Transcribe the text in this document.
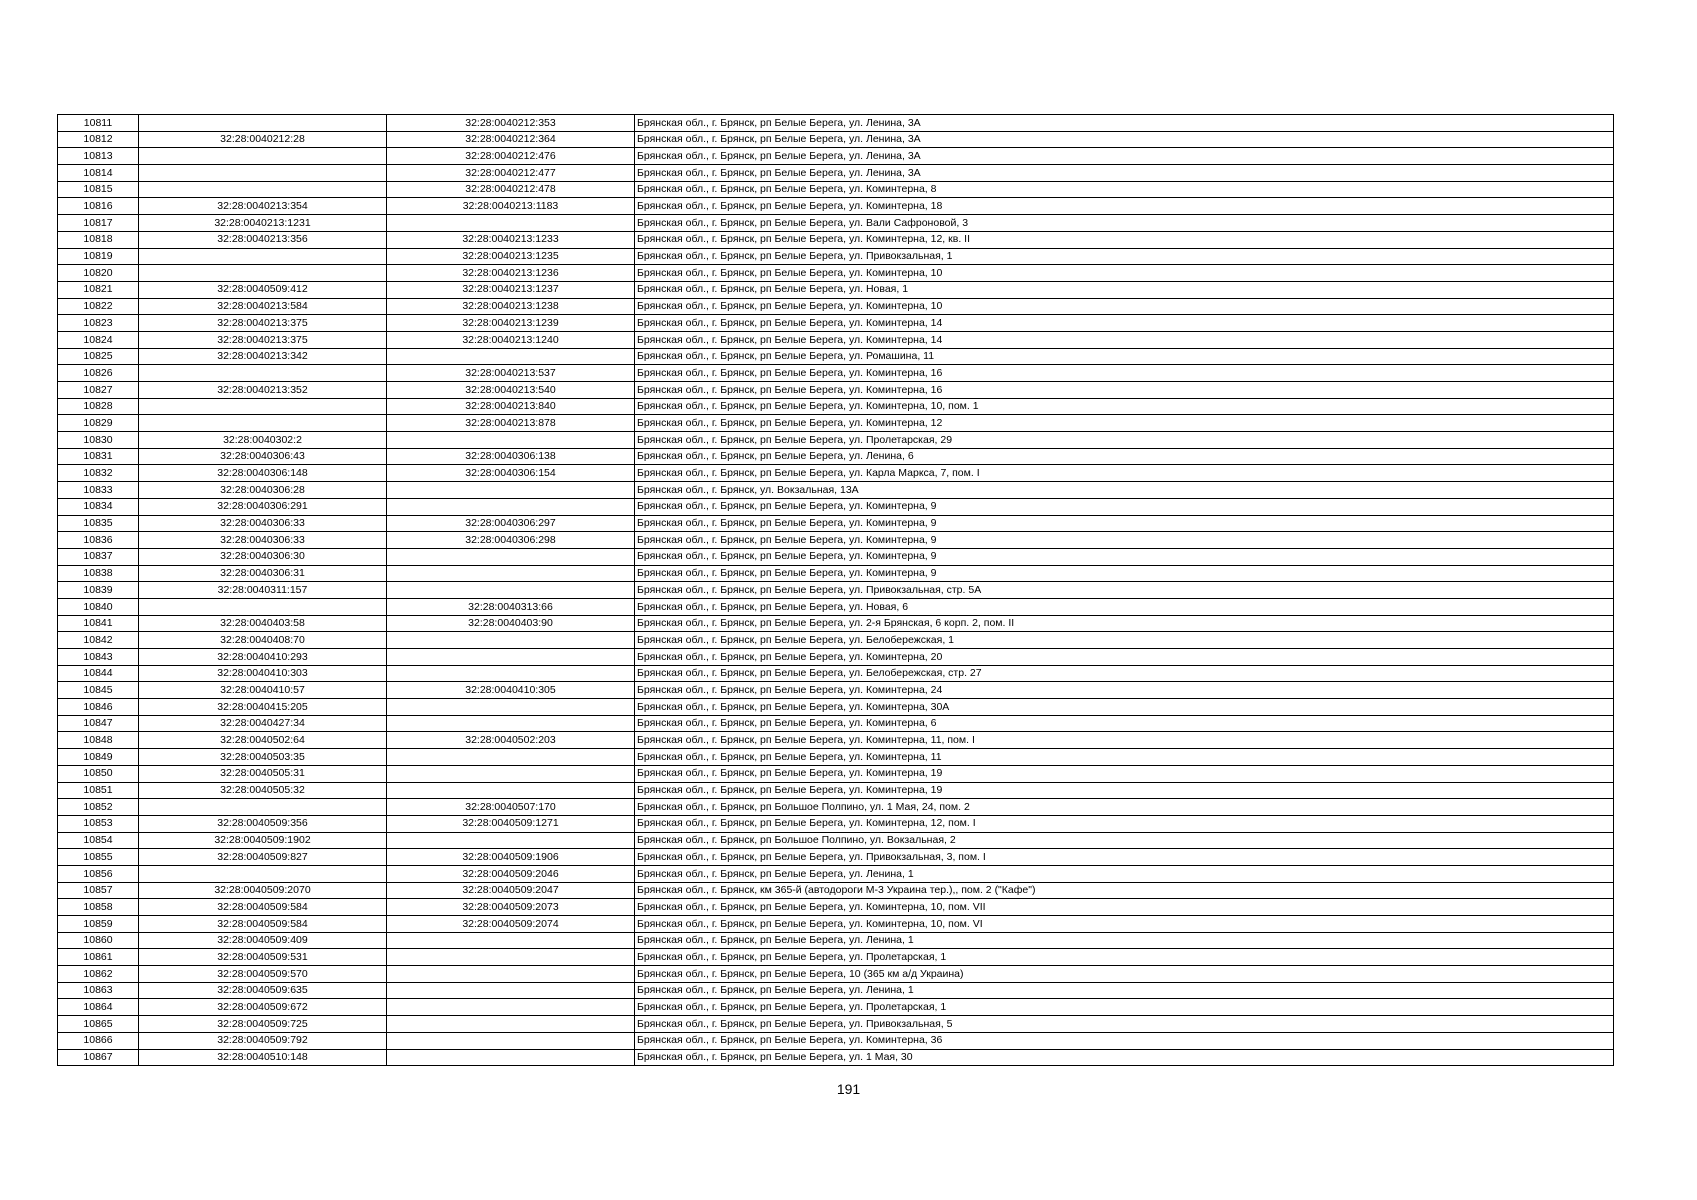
10811		32:28:0040212:353	Брянская обл., г. Брянск, рп Белые Берега, ул. Ленина, 3А
10812	32:28:0040212:28	32:28:0040212:364	Брянская обл., г. Брянск, рп Белые Берега, ул. Ленина, 3А
10813		32:28:0040212:476	Брянская обл., г. Брянск, рп Белые Берега, ул. Ленина, 3А
10814		32:28:0040212:477	Брянская обл., г. Брянск, рп Белые Берега, ул. Ленина, 3А
10815		32:28:0040212:478	Брянская обл., г. Брянск, рп Белые Берега, ул. Коминтерна, 8
10816	32:28:0040213:354	32:28:0040213:1183	Брянская обл., г. Брянск, рп Белые Берега, ул. Коминтерна, 18
10817	32:28:0040213:1231		Брянская обл., г. Брянск, рп Белые Берега, ул. Вали Сафроновой, 3
10818	32:28:0040213:356	32:28:0040213:1233	Брянская обл., г. Брянск, рп Белые Берега, ул. Коминтерна, 12, кв. II
10819		32:28:0040213:1235	Брянская обл., г. Брянск, рп Белые Берега, ул. Привокзальная, 1
10820		32:28:0040213:1236	Брянская обл., г. Брянск, рп Белые Берега, ул. Коминтерна, 10
10821	32:28:0040509:412	32:28:0040213:1237	Брянская обл., г. Брянск, рп Белые Берега, ул. Новая, 1
10822	32:28:0040213:584	32:28:0040213:1238	Брянская обл., г. Брянск, рп Белые Берега, ул. Коминтерна, 10
10823	32:28:0040213:375	32:28:0040213:1239	Брянская обл., г. Брянск, рп Белые Берега, ул. Коминтерна, 14
10824	32:28:0040213:375	32:28:0040213:1240	Брянская обл., г. Брянск, рп Белые Берега, ул. Коминтерна, 14
10825	32:28:0040213:342		Брянская обл., г. Брянск, рп Белые Берега, ул. Ромашина, 11
10826		32:28:0040213:537	Брянская обл., г. Брянск, рп Белые Берега, ул. Коминтерна, 16
10827	32:28:0040213:352	32:28:0040213:540	Брянская обл., г. Брянск, рп Белые Берега, ул. Коминтерна, 16
10828		32:28:0040213:840	Брянская обл., г. Брянск, рп Белые Берега, ул. Коминтерна, 10, пом. 1
10829		32:28:0040213:878	Брянская обл., г. Брянск, рп Белые Берега, ул. Коминтерна, 12
10830	32:28:0040302:2		Брянская обл., г. Брянск, рп Белые Берега, ул. Пролетарская, 29
10831	32:28:0040306:43	32:28:0040306:138	Брянская обл., г. Брянск, рп Белые Берега, ул. Ленина, 6
10832	32:28:0040306:148	32:28:0040306:154	Брянская обл., г. Брянск, рп Белые Берега, ул. Карла Маркса, 7, пом. I
10833	32:28:0040306:28		Брянская обл., г. Брянск, ул. Вокзальная, 13А
10834	32:28:0040306:291		Брянская обл., г. Брянск, рп Белые Берега, ул. Коминтерна, 9
10835	32:28:0040306:33	32:28:0040306:297	Брянская обл., г. Брянск, рп Белые Берега, ул. Коминтерна, 9
10836	32:28:0040306:33	32:28:0040306:298	Брянская обл., г. Брянск, рп Белые Берега, ул. Коминтерна, 9
10837	32:28:0040306:30		Брянская обл., г. Брянск, рп Белые Берега, ул. Коминтерна, 9
10838	32:28:0040306:31		Брянская обл., г. Брянск, рп Белые Берега, ул. Коминтерна, 9
10839	32:28:0040311:157		Брянская обл., г. Брянск, рп Белые Берега, ул. Привокзальная, стр. 5А
10840		32:28:0040313:66	Брянская обл., г. Брянск, рп Белые Берега, ул. Новая, 6
10841	32:28:0040403:58	32:28:0040403:90	Брянская обл., г. Брянск, рп Белые Берега, ул. 2-я Брянская, 6 корп. 2, пом. II
10842	32:28:0040408:70		Брянская обл., г. Брянск, рп Белые Берега, ул. Белобережская, 1
10843	32:28:0040410:293		Брянская обл., г. Брянск, рп Белые Берега, ул. Коминтерна, 20
10844	32:28:0040410:303		Брянская обл., г. Брянск, рп Белые Берега, ул. Белобережская, стр. 27
10845	32:28:0040410:57	32:28:0040410:305	Брянская обл., г. Брянск, рп Белые Берега, ул. Коминтерна, 24
10846	32:28:0040415:205		Брянская обл., г. Брянск, рп Белые Берега, ул. Коминтерна, 30А
10847	32:28:0040427:34		Брянская обл., г. Брянск, рп Белые Берега, ул. Коминтерна, 6
10848	32:28:0040502:64	32:28:0040502:203	Брянская обл., г. Брянск, рп Белые Берега, ул. Коминтерна, 11, пом. I
10849	32:28:0040503:35		Брянская обл., г. Брянск, рп Белые Берега, ул. Коминтерна, 11
10850	32:28:0040505:31		Брянская обл., г. Брянск, рп Белые Берега, ул. Коминтерна, 19
10851	32:28:0040505:32		Брянская обл., г. Брянск, рп Белые Берега, ул. Коминтерна, 19
10852		32:28:0040507:170	Брянская обл., г. Брянск, рп Большое Полпино, ул. 1 Мая, 24, пом. 2
10853	32:28:0040509:356	32:28:0040509:1271	Брянская обл., г. Брянск, рп Белые Берега, ул. Коминтерна, 12, пом. I
10854	32:28:0040509:1902		Брянская обл., г. Брянск, рп Большое Полпино, ул. Вокзальная, 2
10855	32:28:0040509:827	32:28:0040509:1906	Брянская обл., г. Брянск, рп Белые Берега, ул. Привокзальная, 3, пом. I
10856		32:28:0040509:2046	Брянская обл., г. Брянск, рп Белые Берега, ул. Ленина, 1
10857	32:28:0040509:2070	32:28:0040509:2047	Брянская обл., г. Брянск, км 365-й (автодороги М-3 Украина тер.),, пом. 2 ("Кафе")
10858	32:28:0040509:584	32:28:0040509:2073	Брянская обл., г. Брянск, рп Белые Берега, ул. Коминтерна, 10, пом. VII
10859	32:28:0040509:584	32:28:0040509:2074	Брянская обл., г. Брянск, рп Белые Берега, ул. Коминтерна, 10, пом. VI
10860	32:28:0040509:409		Брянская обл., г. Брянск, рп Белые Берега, ул. Ленина, 1
10861	32:28:0040509:531		Брянская обл., г. Брянск, рп Белые Берега, ул. Пролетарская, 1
10862	32:28:0040509:570		Брянская обл., г. Брянск, рп Белые Берега, 10 (365 км а/д Украина)
10863	32:28:0040509:635		Брянская обл., г. Брянск, рп Белые Берега, ул. Ленина, 1
10864	32:28:0040509:672		Брянская обл., г. Брянск, рп Белые Берега, ул. Пролетарская, 1
10865	32:28:0040509:725		Брянская обл., г. Брянск, рп Белые Берега, ул. Привокзальная, 5
10866	32:28:0040509:792		Брянская обл., г. Брянск, рп Белые Берега, ул. Коминтерна, 36
10867	32:28:0040510:148		Брянская обл., г. Брянск, рп Белые Берега, ул. 1 Мая, 30
191
